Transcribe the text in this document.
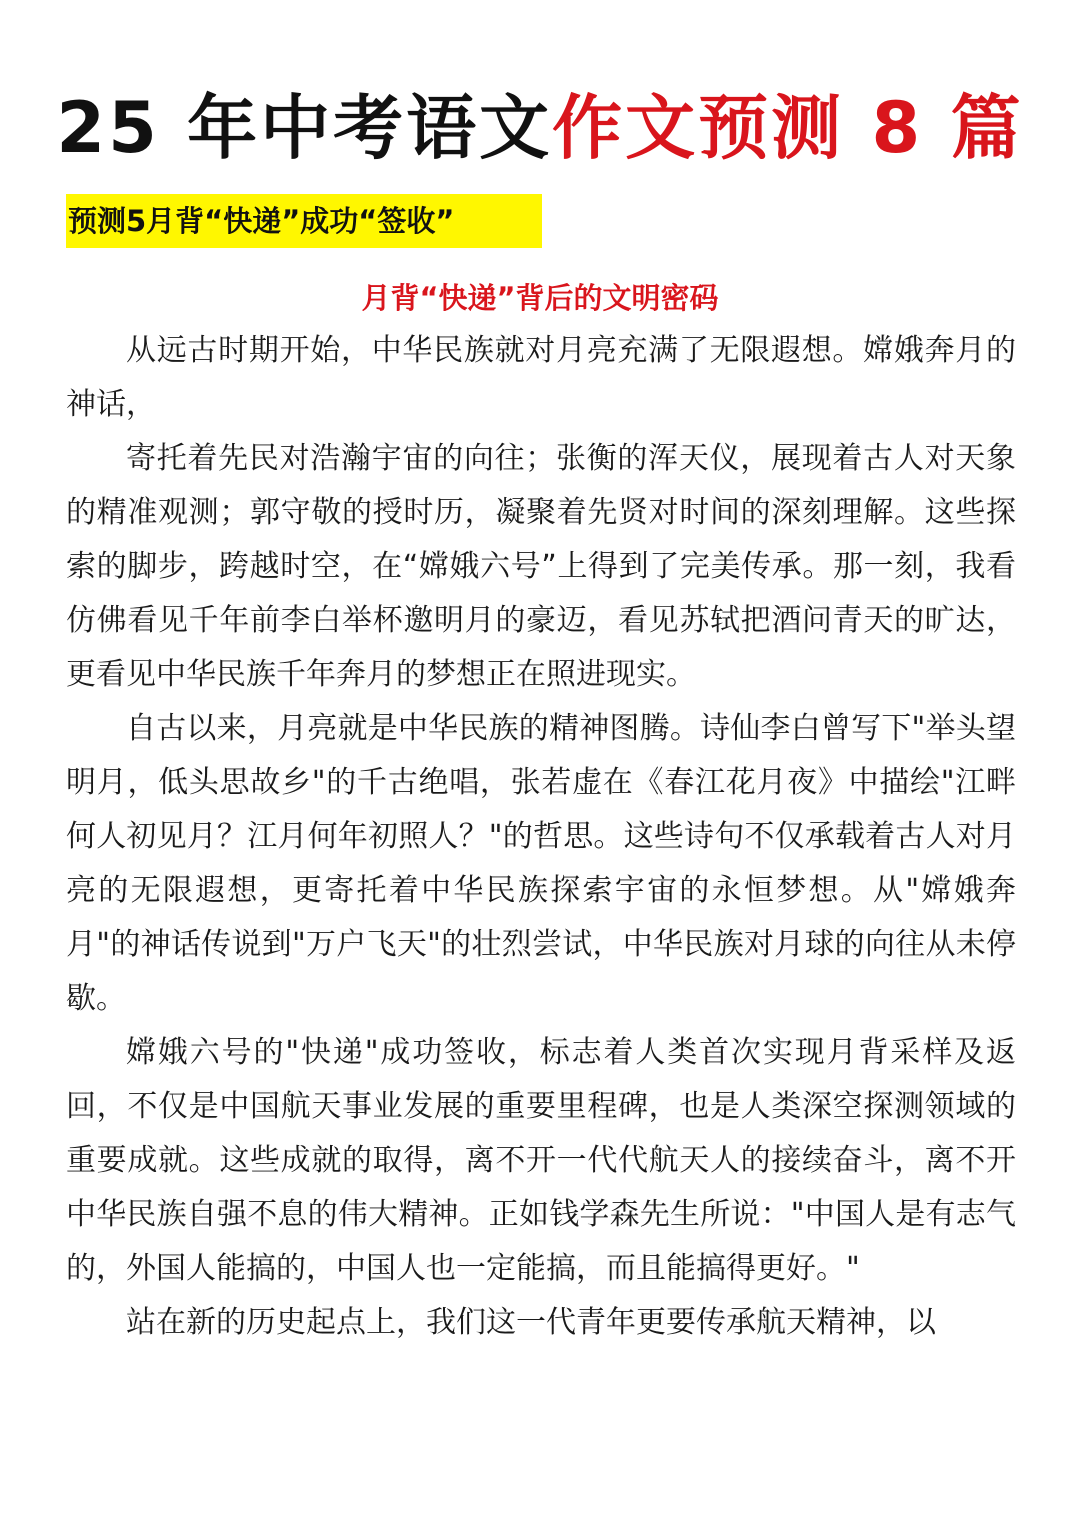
25 年中考语文作文预测 8 篇
预测5月背“快递”成功“签收”
月背“快递”背后的文明密码

从远古时期开始，中华民族就对月亮充满了无限遐想。嫦娥奔月的神话，

寄托着先民对浩瀚宇宙的向往；张衡的浑天仪，展现着古人对天象的精准观测；郭守敬的授时历，凝聚着先贤对时间的深刻理解。这些探索的脚步，跨越时空，在“嫦娥六号”上得到了完美传承。那一刻，我看仿佛看见千年前李白举杯邀明月的豪迈，看见苏轼把酒问青天的旷达，更看见中华民族千年奔月的梦想正在照进现实。

自古以来，月亮就是中华民族的精神图腾。诗仙李白曾写下"举头望明月，低头思故乡"的千古绝唱，张若虚在《春江花月夜》中描绘"江畔何人初见月？江月何年初照人？"的哲思。这些诗句不仅承载着古人对月亮的无限遐想，更寄托着中华民族探索宇宙的永恒梦想。从"嫦娥奔月"的神话传说到"万户飞天"的壮烈尝试，中华民族对月球的向往从未停歇。

嫦娥六号的"快递"成功签收，标志着人类首次实现月背采样及返回，不仅是中国航天事业发展的重要里程碑，也是人类深空探测领域的重要成就。这些成就的取得，离不开一代代航天人的接续奋斗，离不开中华民族自强不息的伟大精神。正如钱学森先生所说："中国人是有志气的，外国人能搞的，中国人也一定能搞，而且能搞得更好。"

站在新的历史起点上，我们这一代青年更要传承航天精神，以
